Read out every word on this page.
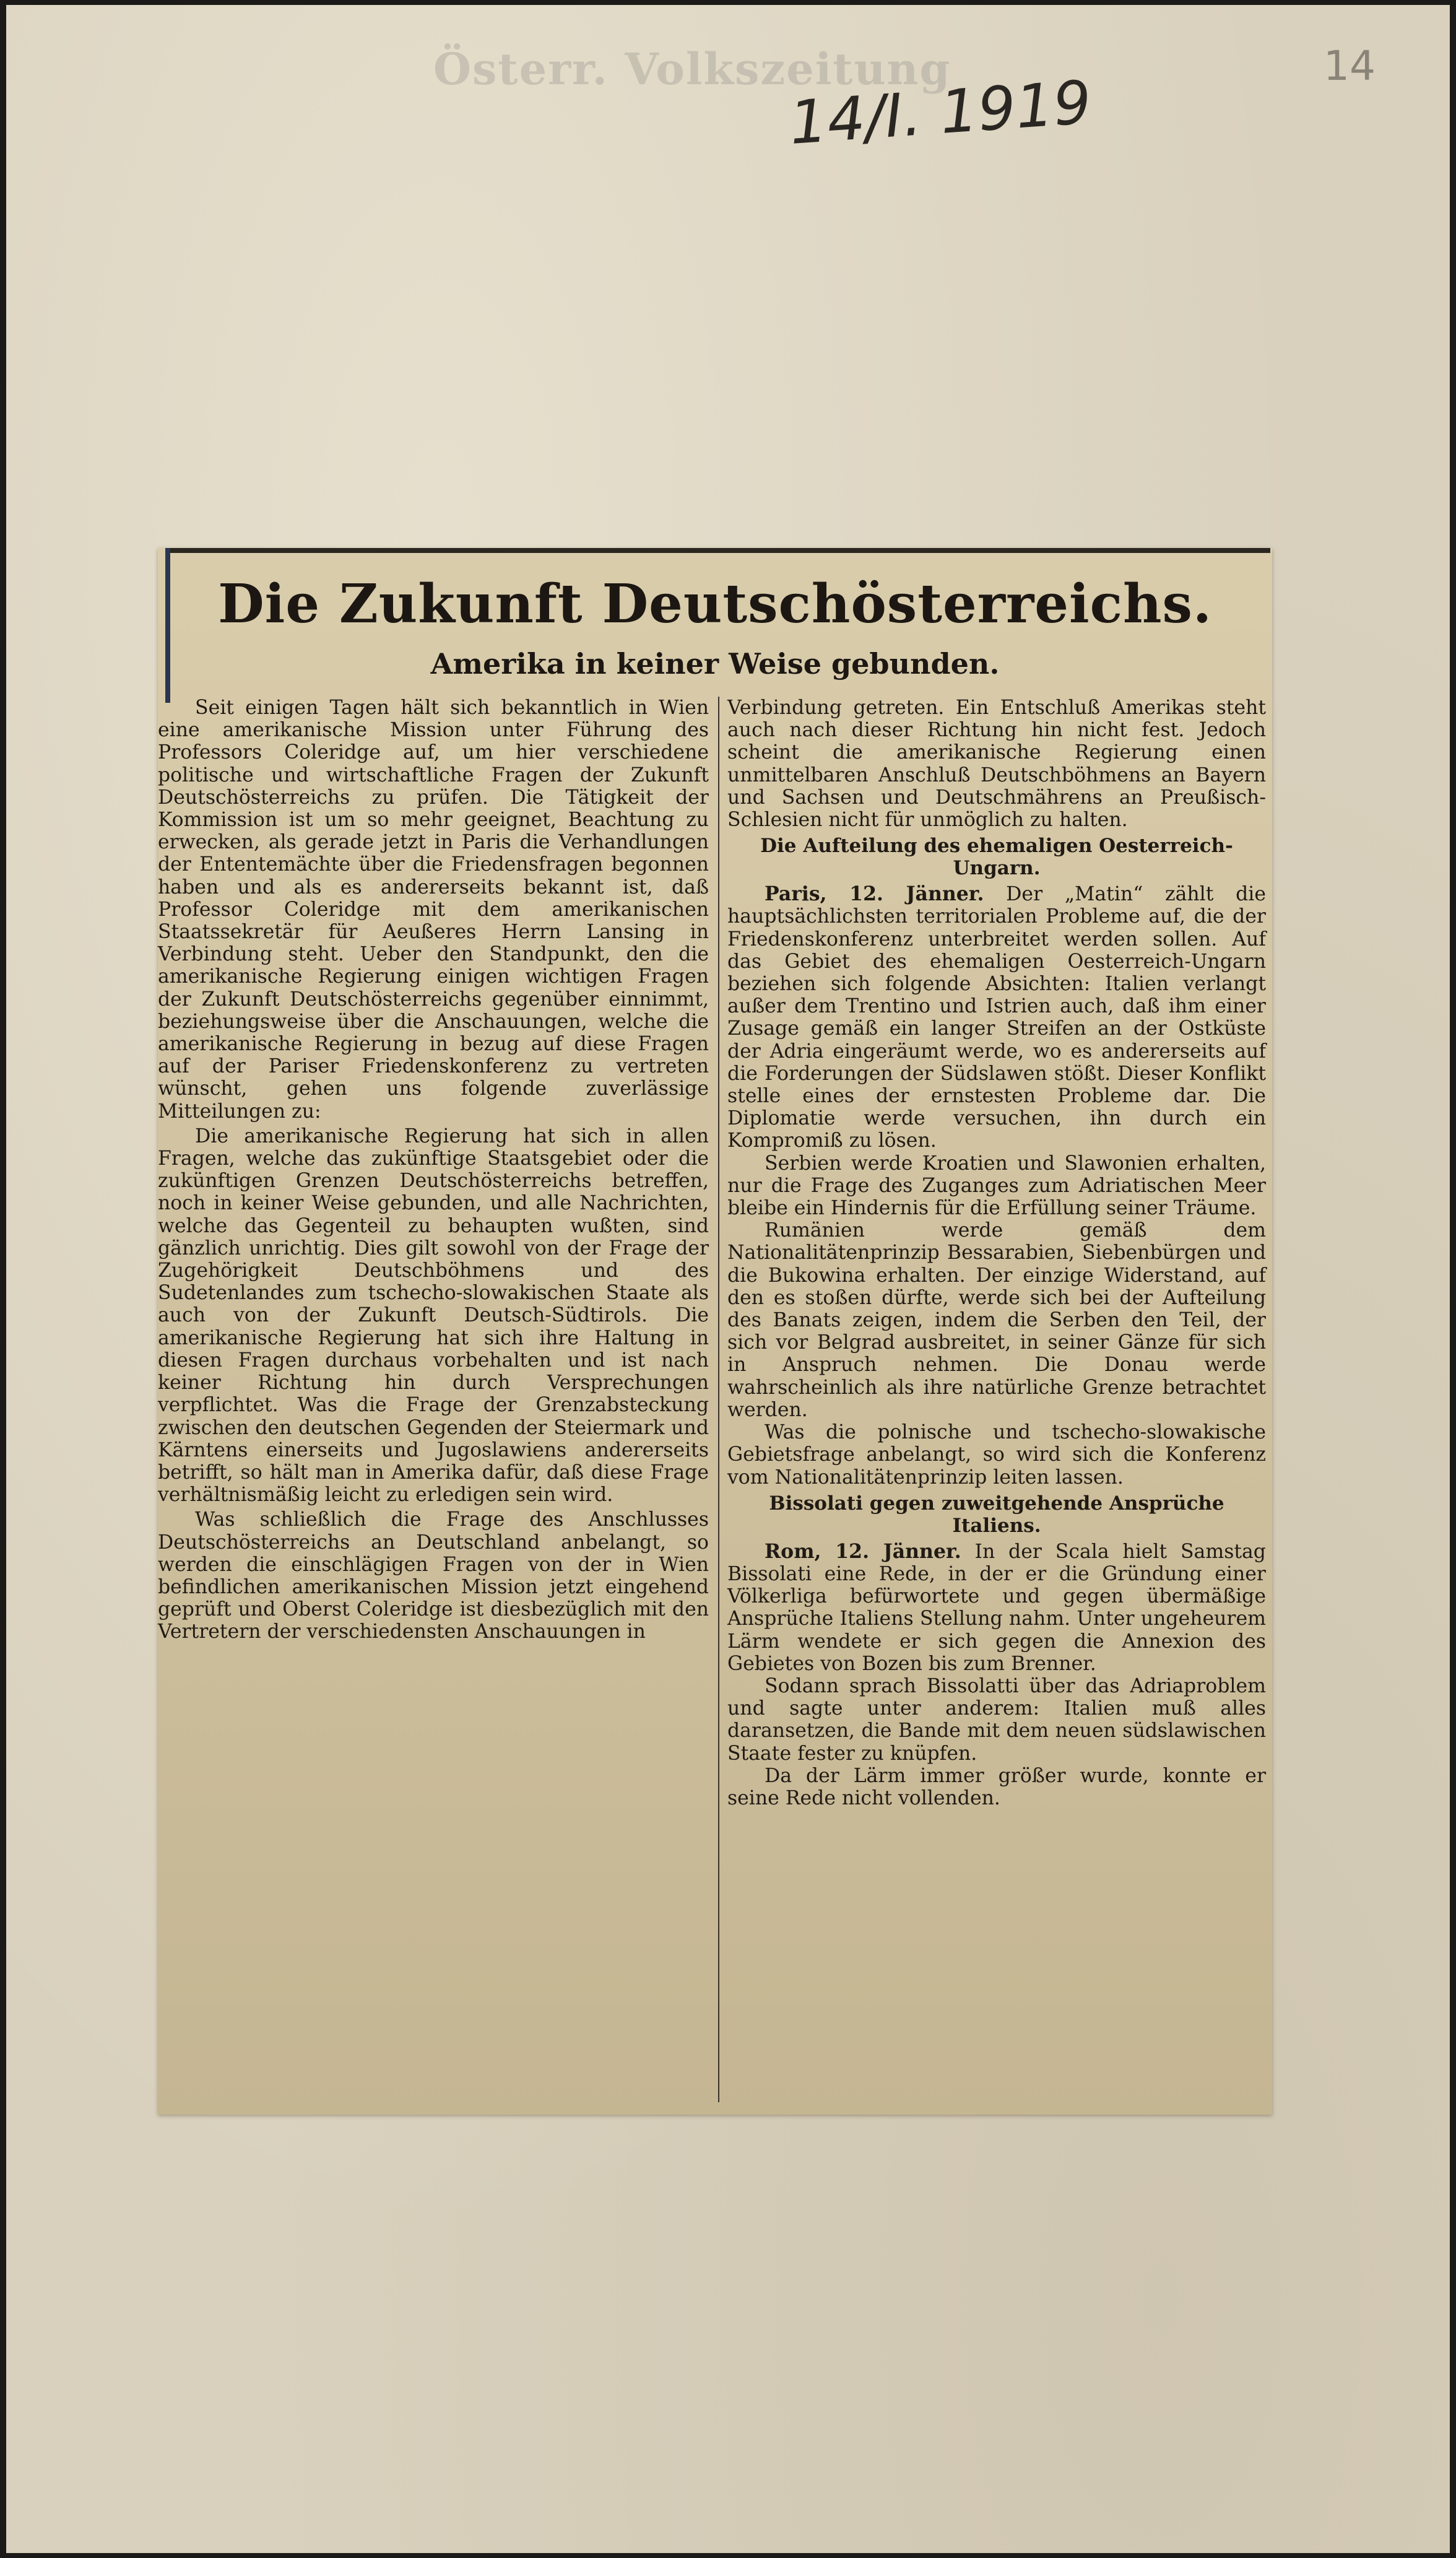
Österr. Volkszeitung
14/I. 1919
14
Die Zukunft Deutschösterreichs.
Amerika in keiner Weise gebunden.

Seit einigen Tagen hält sich bekanntlich in Wien eine amerikanische Mission unter Führung des Professors Coleridge auf, um hier verschiedene politische und wirtschaftliche Fragen der Zukunft Deutschösterreichs zu prüfen. Die Tätigkeit der Kommission ist um so mehr geeignet, Beachtung zu erwecken, als gerade jetzt in Paris die Verhandlungen der Ententemächte über die Friedensfragen begonnen haben und als es andererseits bekannt ist, daß Professor Coleridge mit dem amerikanischen Staatssekretär für Aeußeres Herrn Lansing in Verbindung steht. Ueber den Standpunkt, den die amerikanische Regierung einigen wichtigen Fragen der Zukunft Deutschösterreichs gegenüber einnimmt, beziehungsweise über die Anschauungen, welche die amerikanische Regierung in bezug auf diese Fragen auf der Pariser Friedenskonferenz zu vertreten wünscht, gehen uns folgende zuverlässige Mitteilungen zu:

Die amerikanische Regierung hat sich in allen Fragen, welche das zukünftige Staatsgebiet oder die zukünftigen Grenzen Deutschösterreichs betreffen, noch in keiner Weise gebunden, und alle Nachrichten, welche das Gegenteil zu behaupten wußten, sind gänzlich unrichtig. Dies gilt sowohl von der Frage der Zugehörigkeit Deutschböhmens und des Sudetenlandes zum tschecho-slowakischen Staate als auch von der Zukunft Deutsch-Südtirols. Die amerikanische Regierung hat sich ihre Haltung in diesen Fragen durchaus vorbehalten und ist nach keiner Richtung hin durch Versprechungen verpflichtet. Was die Frage der Grenzabsteckung zwischen den deutschen Gegenden der Steiermark und Kärntens einerseits und Jugoslawiens andererseits betrifft, so hält man in Amerika dafür, daß diese Frage verhältnismäßig leicht zu erledigen sein wird.

Was schließlich die Frage des Anschlusses Deutschösterreichs an Deutschland anbelangt, so werden die einschlägigen Fragen von der in Wien befindlichen amerikanischen Mission jetzt eingehend geprüft und Oberst Coleridge ist diesbezüglich mit den Vertretern der verschiedensten Anschauungen in

Verbindung getreten. Ein Entschluß Amerikas steht auch nach dieser Richtung hin nicht fest. Jedoch scheint die amerikanische Regierung einen unmittelbaren Anschluß Deutschböhmens an Bayern und Sachsen und Deutschmährens an Preußisch-Schlesien nicht für unmöglich zu halten.

Die Aufteilung des ehemaligen Oesterreich-Ungarn.

Paris, 12. Jänner. Der „Matin“ zählt die hauptsächlichsten territorialen Probleme auf, die der Friedenskonferenz unterbreitet werden sollen. Auf das Gebiet des ehemaligen Oesterreich-Ungarn beziehen sich folgende Absichten: Italien verlangt außer dem Trentino und Istrien auch, daß ihm einer Zusage gemäß ein langer Streifen an der Ostküste der Adria eingeräumt werde, wo es andererseits auf die Forderungen der Südslawen stößt. Dieser Konflikt stelle eines der ernstesten Probleme dar. Die Diplomatie werde versuchen, ihn durch ein Kompromiß zu lösen.

Serbien werde Kroatien und Slawonien erhalten, nur die Frage des Zuganges zum Adriatischen Meer bleibe ein Hindernis für die Erfüllung seiner Träume.

Rumänien werde gemäß dem Nationalitätenprinzip Bessarabien, Siebenbürgen und die Bukowina erhalten. Der einzige Widerstand, auf den es stoßen dürfte, werde sich bei der Aufteilung des Banats zeigen, indem die Serben den Teil, der sich vor Belgrad ausbreitet, in seiner Gänze für sich in Anspruch nehmen. Die Donau werde wahrscheinlich als ihre natürliche Grenze betrachtet werden.

Was die polnische und tschecho-slowakische Gebietsfrage anbelangt, so wird sich die Konferenz vom Nationalitätenprinzip leiten lassen.

Bissolati gegen zuweitgehende Ansprüche Italiens.

Rom, 12. Jänner. In der Scala hielt Samstag Bissolati eine Rede, in der er die Gründung einer Völkerliga befürwortete und gegen übermäßige Ansprüche Italiens Stellung nahm. Unter ungeheurem Lärm wendete er sich gegen die Annexion des Gebietes von Bozen bis zum Brenner.

Sodann sprach Bissolatti über das Adriaproblem und sagte unter anderem: Italien muß alles daransetzen, die Bande mit dem neuen südslawischen Staate fester zu knüpfen.

Da der Lärm immer größer wurde, konnte er seine Rede nicht vollenden.
